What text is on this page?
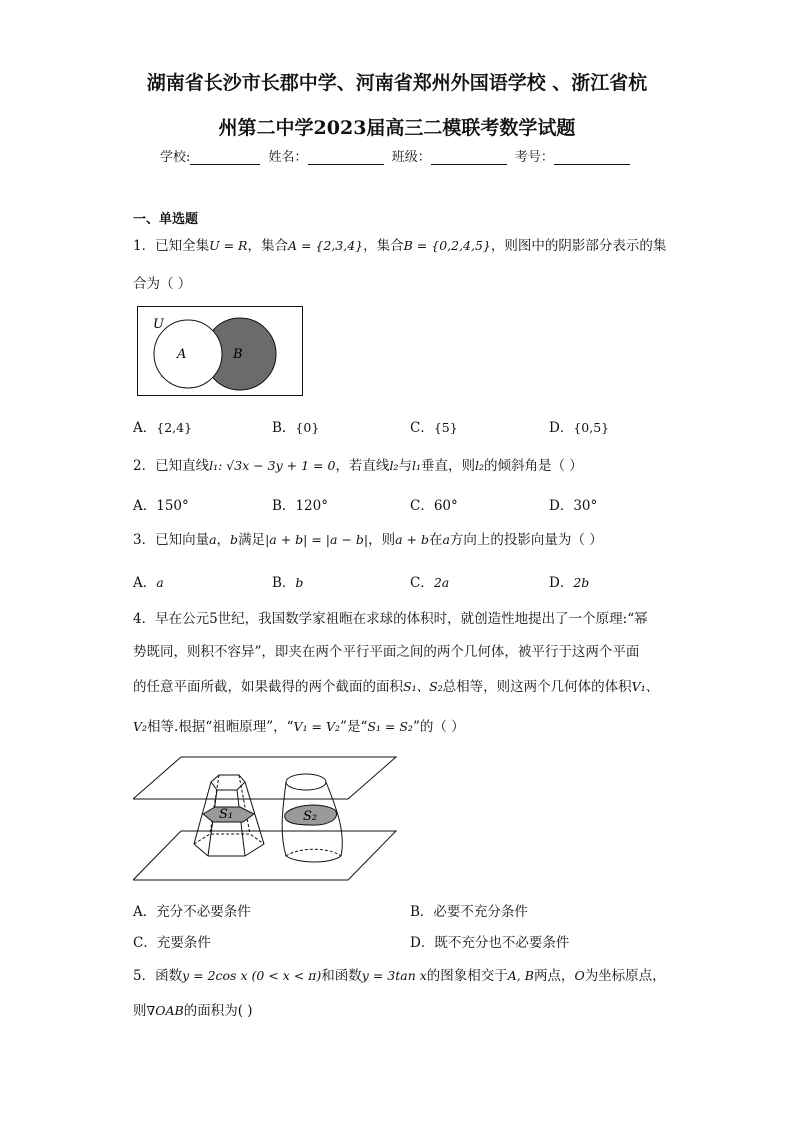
湖南省长沙市长郡中学、河南省郑州外国语学校 、浙江省杭
州第二中学2023届高三二模联考数学试题
学校:	姓名：	班级：	考号：
一、单选题
1．已知全集U = R，集合A = {2,3,4}，集合B = {0,2,4,5}，则图中的阴影部分表示的集
合为（ ）
U
A	B
A．{2,4}	B．{0}	C．{5}	D．{0,5}
2．已知直线l₁: √3x − 3y + 1 = 0，若直线l₂与l₁垂直，则l₂的倾斜角是（ ）
A．150°	B．120°	C．60°	D．30°
3．已知向量a，b满足|a + b| = |a − b|，则a + b在a方向上的投影向量为（ ）
A．a	B．b	C．2a	D．2b
4．早在公元5世纪，我国数学家祖暅在求球的体积时，就创造性地提出了一个原理:“幂
势既同，则积不容异”，即夹在两个平行平面之间的两个几何体，被平行于这两个平面
的任意平面所截，如果截得的两个截面的面积S₁、S₂总相等，则这两个几何体的体积V₁、
V₂相等.根据“祖暅原理”，“V₁ = V₂”是“S₁ = S₂”的（ ）
S₁	S₂
A．充分不必要条件	B．必要不充分条件
C．充要条件	D．既不充分也不必要条件
5．函数y = 2cos x (0 < x < π)和函数y = 3tan x的图象相交于A, B两点，O为坐标原点，
则∇OAB的面积为( )
